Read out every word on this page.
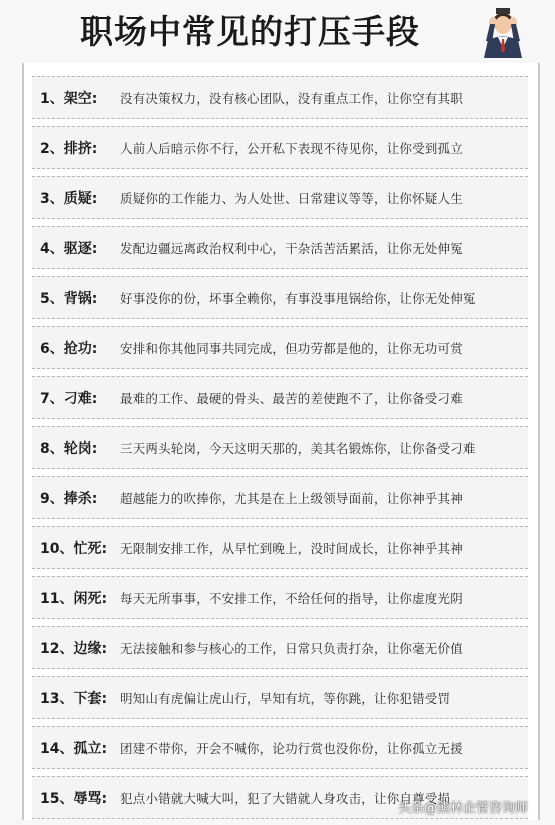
职场中常见的打压手段
1、架空:	没有决策权力，没有核心团队，没有重点工作，让你空有其职
2、排挤:	人前人后暗示你不行，公开私下表现不待见你，让你受到孤立
3、质疑:	质疑你的工作能力、为人处世、日常建议等等，让你怀疑人生
4、驱逐:	发配边疆远离政治权利中心，干杂活苦活累活，让你无处伸冤
5、背锅:	好事没你的份，坏事全赖你，有事没事甩锅给你，让你无处伸冤
6、抢功:	安排和你其他同事共同完成，但功劳都是他的，让你无功可赏
7、刁难:	最难的工作、最硬的骨头、最苦的差使跑不了，让你备受刁难
8、轮岗:	三天两头轮岗，今天这明天那的，美其名锻炼你，让你备受刁难
9、捧杀:	超越能力的吹捧你，尤其是在上上级领导面前，让你神乎其神
10、忙死:	无限制安排工作，从早忙到晚上，没时间成长，让你神乎其神
11、闲死:	每天无所事事，不安排工作，不给任何的指导，让你虚度光阴
12、边缘:	无法接触和参与核心的工作，日常只负责打杂，让你毫无价值
13、下套:	明知山有虎偏让虎山行，早知有坑，等你跳，让你犯错受罚
14、孤立:	团建不带你，开会不喊你，论功行赏也没你份，让你孤立无援
15、辱骂:	犯点小错就大喊大叫，犯了大错就人身攻击，让你自尊受损
头条@熊林企管咨询师
